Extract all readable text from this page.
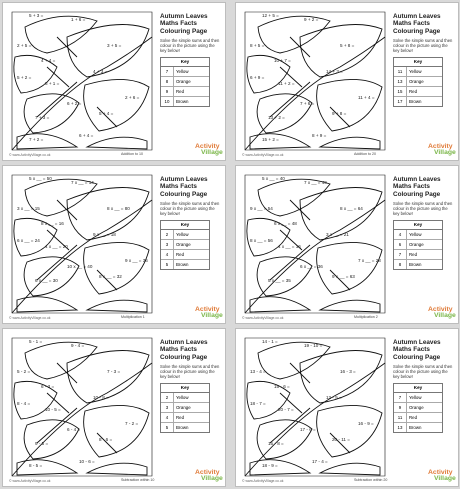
5 + 3 =
1 + 6 =
2 + 5 =
4 + 4 =
5 + 2 =
8 + 1 =
4 + 3 =
3 + 5 =
6 + 2 =
7 + 3 =
5 + 4 =
2 + 6 =
6 + 4 =
7 + 2 =
Autumn Leaves Maths Facts Colouring Page
Solve the simple sums and then colour in the picture using the key below!
Key
7	Yellow
8	Orange
9	Red
10	Brown
Addition to 10
© www.ActivityVillage.co.uk
Activity
Village
12 + 5 =
9 + 2 =
8 + 5 =
10 + 7 =
6 + 9 =
11 + 2 =
14 + 3 =
5 + 8 =
7 + 6 =
13 + 2 =
9 + 8 =
11 + 4 =
8 + 9 =
15 + 2 =
Autumn Leaves Maths Facts Colouring Page
Solve the simple sums and then colour in the picture using the key below!
Key
11	Yellow
13	Orange
15	Red
17	Brown
Addition to 20
© www.ActivityVillage.co.uk
Activity
Village
5 x __ = 50
7 x __ = 14
3 x __ = 15
8 x __ = 16
6 x __ = 24
4 x __ = 20
9 x __ = 18
8 x __ = 80
10 x __ = 40
6 x __ = 30
8 x __ = 32
9 x __ = 36
Autumn Leaves Maths Facts Colouring Page
Solve the simple sums and then colour in the picture using the key below!
Key
2	Yellow
3	Orange
4	Red
5	Brown
Multiplication 1
© www.ActivityVillage.co.uk
Activity
Village
5 x __ = 40
7 x __ = 49
9 x __ = 54
6 x __ = 48
8 x __ = 56
4 x __ = 16
3 x __ = 21
8 x __ = 64
6 x __ = 36
5 x __ = 35
9 x __ = 63
7 x __ = 28
Autumn Leaves Maths Facts Colouring Page
Solve the simple sums and then colour in the picture using the key below!
Key
4	Yellow
6	Orange
7	Red
8	Brown
Multiplication 2
© www.ActivityVillage.co.uk
Activity
Village
5 - 1 =
9 - 4 =
5 - 2 =
6 - 3 =
8 - 4 =
10 - 5 =
10 - 8 =
7 - 3 =
6 - 4 =
9 - 5 =
8 - 6 =
7 - 2 =
10 - 6 =
8 - 5 =
Autumn Leaves Maths Facts Colouring Page
Solve the simple sums and then colour in the picture using the key below!
Key
2	Yellow
3	Orange
4	Red
5	Brown
Subtraction within 10
© www.ActivityVillage.co.uk
Activity
Village
14 - 1 =
19 - 10 =
13 - 4 =
15 - 6 =
18 - 7 =
20 - 7 =
12 - 5 =
16 - 3 =
17 - 6 =
15 - 8 =
20 - 11 =
16 - 9 =
17 - 4 =
18 - 9 =
Autumn Leaves Maths Facts Colouring Page
Solve the simple sums and then colour in the picture using the key below!
Key
7	Yellow
9	Orange
11	Red
13	Brown
Subtraction within 20
© www.ActivityVillage.co.uk
Activity
Village
